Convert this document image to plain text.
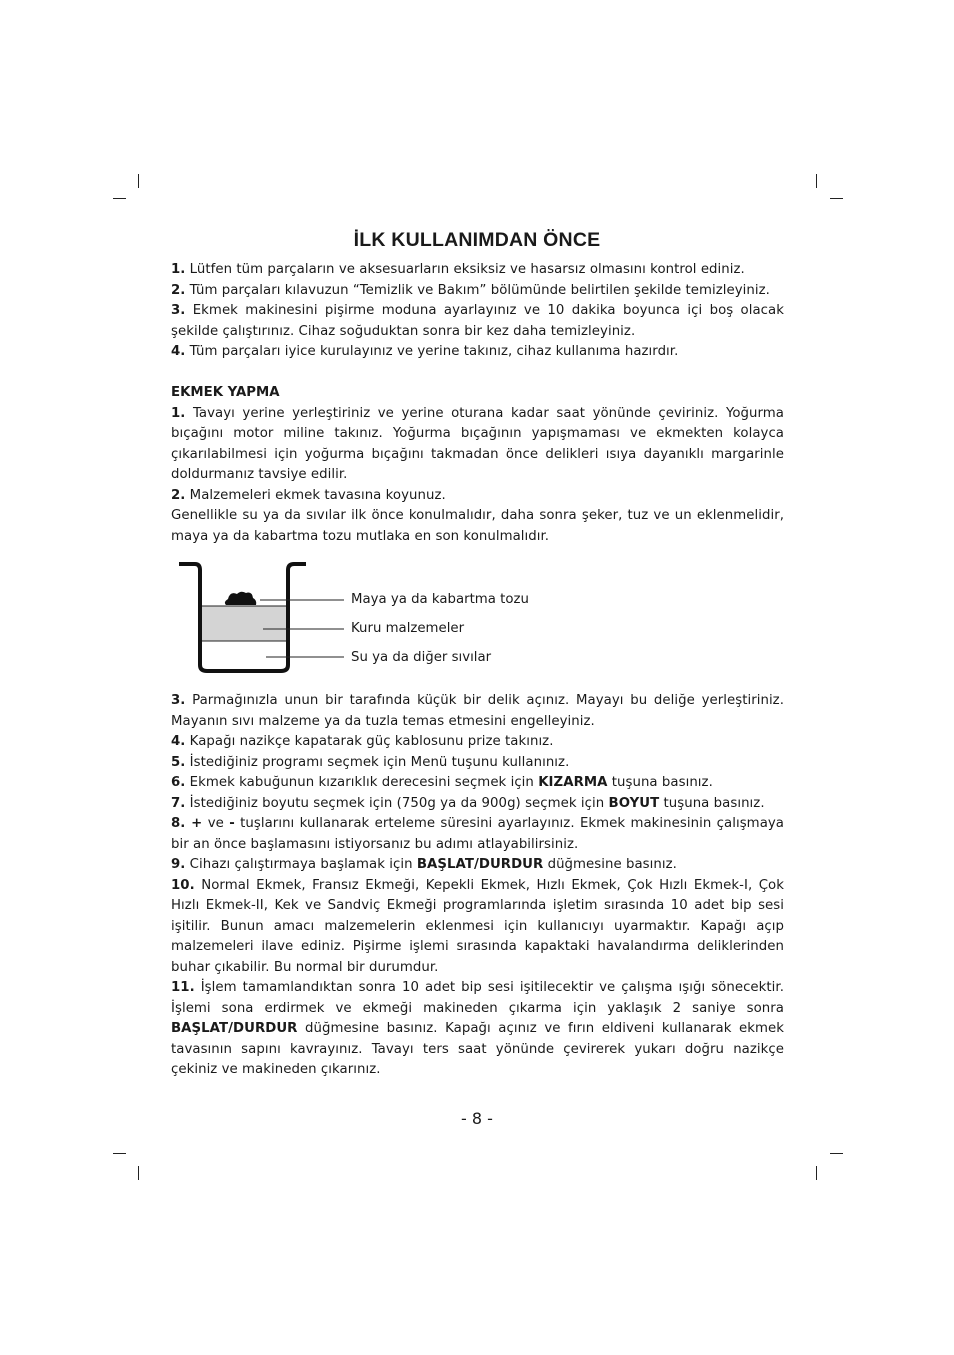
İLK KULLANIMDAN ÖNCE

1. Lütfen tüm parçaların ve aksesuarların eksiksiz ve hasarsız olmasını kontrol ediniz.

2. Tüm parçaları kılavuzun “Temizlik ve Bakım” bölümünde belirtilen şekilde temizleyiniz.

3. Ekmek makinesini pişirme moduna ayarlayınız ve 10 dakika boyunca içi boş olacak şekilde çalıştırınız. Cihaz soğuduktan sonra bir kez daha temizleyiniz.

4. Tüm parçaları iyice kurulayınız ve yerine takınız, cihaz kullanıma hazırdır.

EKMEK YAPMA

1. Tavayı yerine yerleştiriniz ve yerine oturana kadar saat yönünde çeviriniz. Yoğurma bıçağını motor miline takınız. Yoğurma bıçağının yapışmaması ve ekmekten kolayca çıkarılabilmesi için yoğurma bıçağını takmadan önce delikleri ısıya dayanıklı margarinle doldurmanız tavsiye edilir.

2. Malzemeleri ekmek tavasına koyunuz.

Genellikle su ya da sıvılar ilk önce konulmalıdır, daha sonra şeker, tuz ve un eklenmelidir, maya ya da kabartma tozu mutlaka en son konulmalıdır.

Maya ya da kabartma tozu
Kuru malzemeler
Su ya da diğer sıvılar

3. Parmağınızla unun bir tarafında küçük bir delik açınız. Mayayı bu deliğe yerleştiriniz. Mayanın sıvı malzeme ya da tuzla temas etmesini engelleyiniz.

4. Kapağı nazikçe kapatarak güç kablosunu prize takınız.

5. İstediğiniz programı seçmek için Menü tuşunu kullanınız.

6. Ekmek kabuğunun kızarıklık derecesini seçmek için KIZARMA tuşuna basınız.

7. İstediğiniz boyutu seçmek için (750g ya da 900g) seçmek için BOYUT tuşuna basınız.

8. + ve - tuşlarını kullanarak erteleme süresini ayarlayınız. Ekmek makinesinin çalışmaya bir an önce başlamasını istiyorsanız bu adımı atlayabilirsiniz.

9. Cihazı çalıştırmaya başlamak için BAŞLAT/DURDUR düğmesine basınız.

10. Normal Ekmek, Fransız Ekmeği, Kepekli Ekmek, Hızlı Ekmek, Çok Hızlı Ekmek-I, Çok Hızlı Ekmek-II, Kek ve Sandviç Ekmeği programlarında işletim sırasında 10 adet bip sesi işitilir. Bunun amacı malzemelerin eklenmesi için kullanıcıyı uyarmaktır. Kapağı açıp malzemeleri ilave ediniz. Pişirme işlemi sırasında kapaktaki havalandırma deliklerinden buhar çıkabilir. Bu normal bir durumdur.

11. İşlem tamamlandıktan sonra 10 adet bip sesi işitilecektir ve çalışma ışığı sönecektir. İşlemi sona erdirmek ve ekmeği makineden çıkarma için yaklaşık 2 saniye sonra BAŞLAT/DURDUR düğmesine basınız. Kapağı açınız ve fırın eldiveni kullanarak ekmek tavasının sapını kavrayınız. Tavayı ters saat yönünde çevirerek yukarı doğru nazikçe çekiniz ve makineden çıkarınız.

- 8 -
